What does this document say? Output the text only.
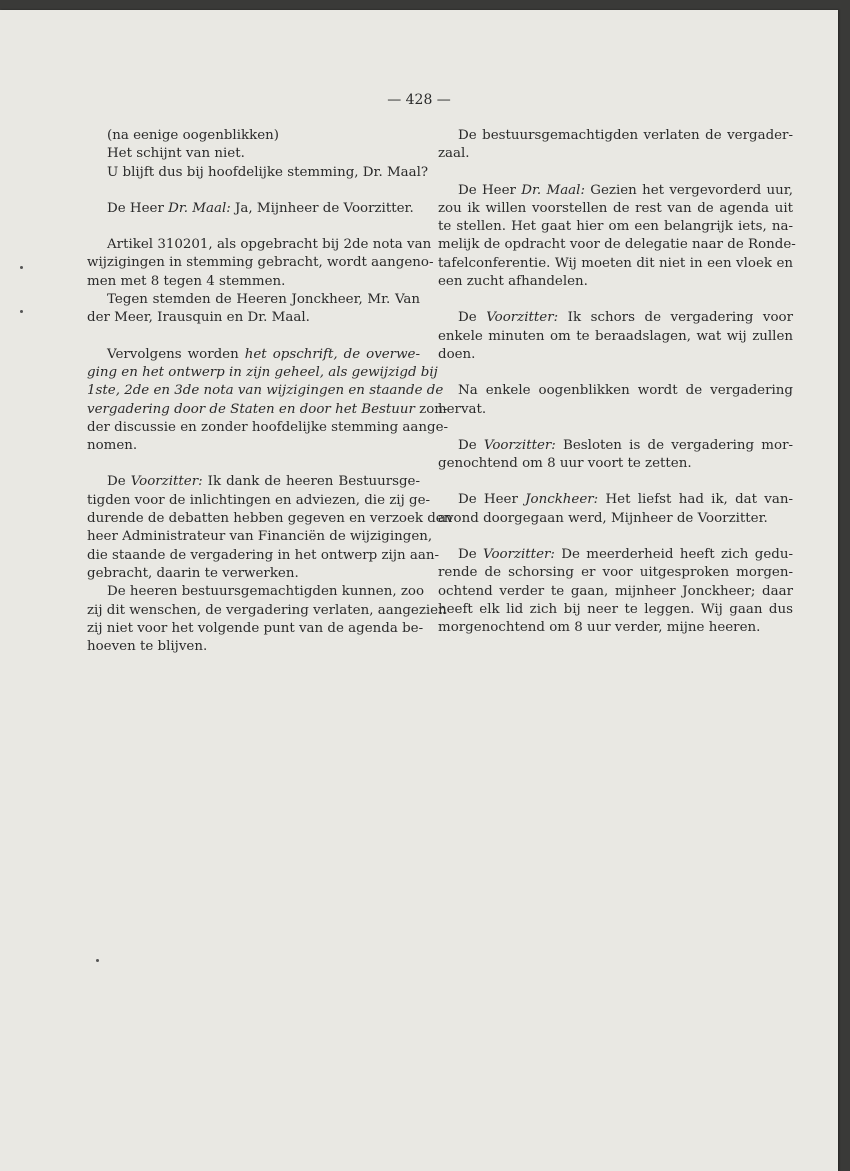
— 428 —
(na eenige oogenblikken)
Het schijnt van niet.
U blijft dus bij hoofdelijke stemming, Dr. Maal?
De Heer Dr. Maal: Ja, Mijnheer de Voorzitter.
Artikel 310201, als opgebracht bij 2de nota van
wijzigingen in stemming gebracht, wordt aangeno-
men met 8 tegen 4 stemmen.
Tegen stemden de Heeren Jonckheer, Mr. Van
der Meer, Irausquin en Dr. Maal.
Vervolgens worden het opschrift, de overwe-
ging en het ontwerp in zijn geheel, als gewijzigd bij
1ste, 2de en 3de nota van wijzigingen en staande de
vergadering door de Staten en door het Bestuur zon-
der discussie en zonder hoofdelijke stemming aange-
nomen.
De Voorzitter: Ik dank de heeren Bestuursge-
tigden voor de inlichtingen en adviezen, die zij ge-
durende de debatten hebben gegeven en verzoek den
heer Administrateur van Financiën de wijzigingen,
die staande de vergadering in het ontwerp zijn aan-
gebracht, daarin te verwerken.
De heeren bestuursgemachtigden kunnen, zoo
zij dit wenschen, de vergadering verlaten, aangezien
zij niet voor het volgende punt van de agenda be-
hoeven te blijven.
De bestuursgemachtigden verlaten de vergader-
zaal.
De Heer Dr. Maal: Gezien het vergevorderd uur,
zou ik willen voorstellen de rest van de agenda uit
te stellen. Het gaat hier om een belangrijk iets, na-
melijk de opdracht voor de delegatie naar de Ronde-
tafelconferentie. Wij moeten dit niet in een vloek en
een zucht afhandelen.
De Voorzitter: Ik schors de vergadering voor
enkele minuten om te beraadslagen, wat wij zullen
doen.
Na enkele oogenblikken wordt de vergadering
hervat.
De Voorzitter: Besloten is de vergadering mor-
genochtend om 8 uur voort te zetten.
De Heer Jonckheer: Het liefst had ik, dat van-
avond doorgegaan werd, Mijnheer de Voorzitter.
De Voorzitter: De meerderheid heeft zich gedu-
rende de schorsing er voor uitgesproken morgen-
ochtend verder te gaan, mijnheer Jonckheer; daar
heeft elk lid zich bij neer te leggen. Wij gaan dus
morgenochtend om 8 uur verder, mijne heeren.
